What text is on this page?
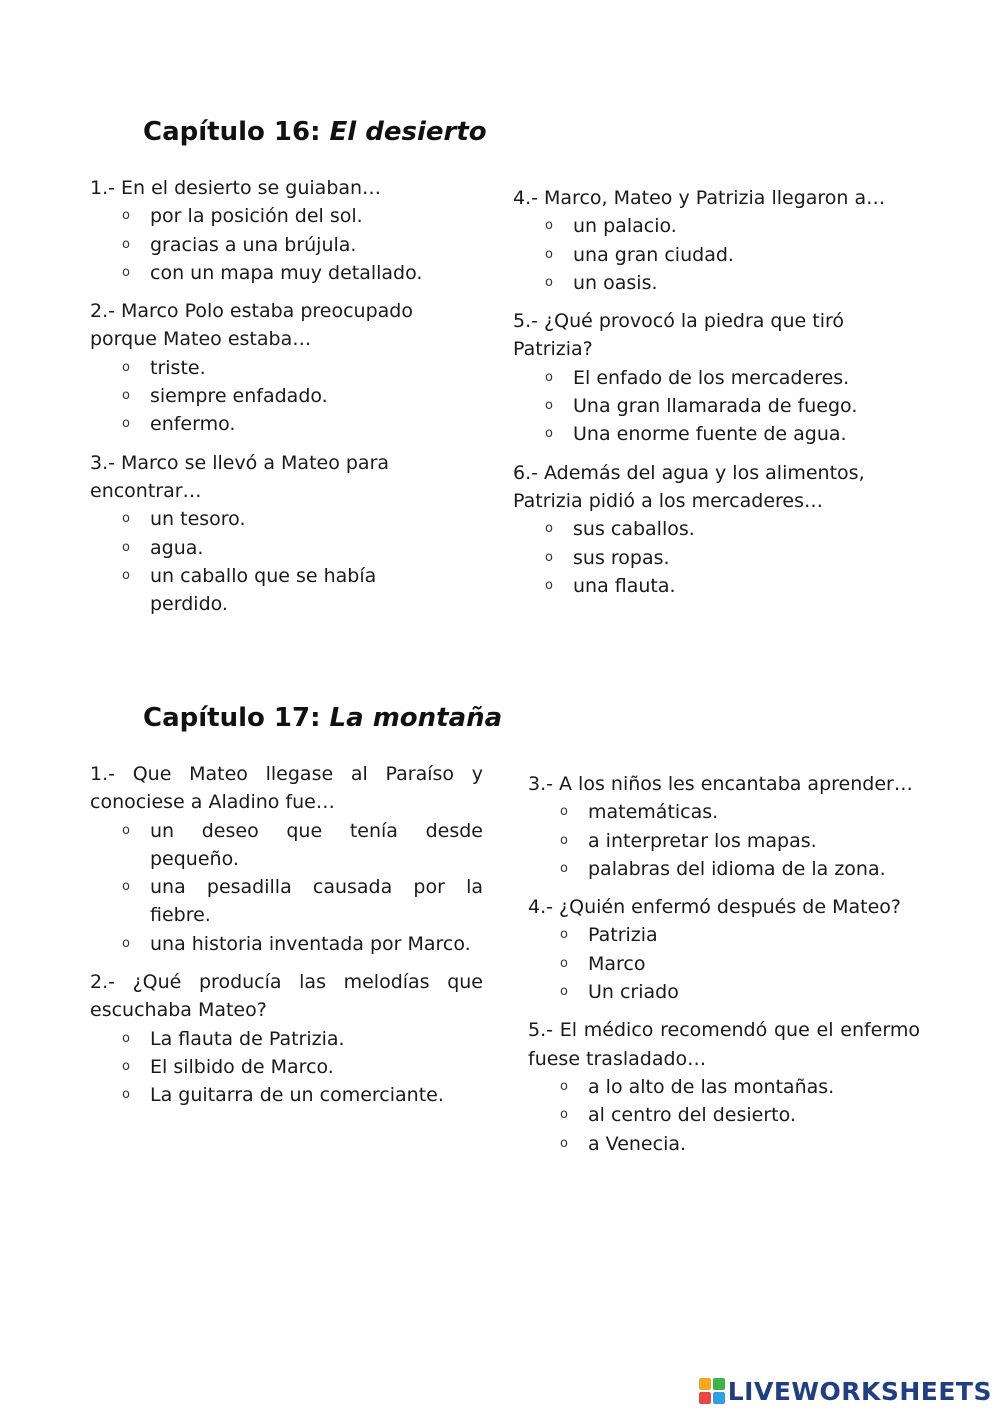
Capítulo 16: El desierto

1.- En el desierto se guiaban…

o por la posición del sol.
o gracias a una brújula.
o con un mapa muy detallado.

2.- Marco Polo estaba preocupado porque Mateo estaba…

o triste.
o siempre enfadado.
o enfermo.

3.- Marco se llevó a Mateo para encontrar…

o un tesoro.
o agua.
o un caballo que se había perdido.

4.- Marco, Mateo y Patrizia llegaron a…

o un palacio.
o una gran ciudad.
o un oasis.

5.- ¿Qué provocó la piedra que tiró Patrizia?

o El enfado de los mercaderes.
o Una gran llamarada de fuego.
o Una enorme fuente de agua.

6.- Además del agua y los alimentos, Patrizia pidió a los mercaderes…

o sus caballos.
o sus ropas.
o una flauta.
Capítulo 17: La montaña

1.- Que Mateo llegase al Paraíso y conociese a Aladino fue…

o un deseo que tenía desde pequeño.
o una pesadilla causada por la fiebre.
o una historia inventada por Marco.

2.- ¿Qué producía las melodías que escuchaba Mateo?

o La flauta de Patrizia.
o El silbido de Marco.
o La guitarra de un comerciante.

3.- A los niños les encantaba aprender…

o matemáticas.
o a interpretar los mapas.
o palabras del idioma de la zona.

4.- ¿Quién enfermó después de Mateo?

o Patrizia
o Marco
o Un criado

5.- El médico recomendó que el enfermo fuese trasladado…

o a lo alto de las montañas.
o al centro del desierto.
o a Venecia.
LIVEWORKSHEETS
